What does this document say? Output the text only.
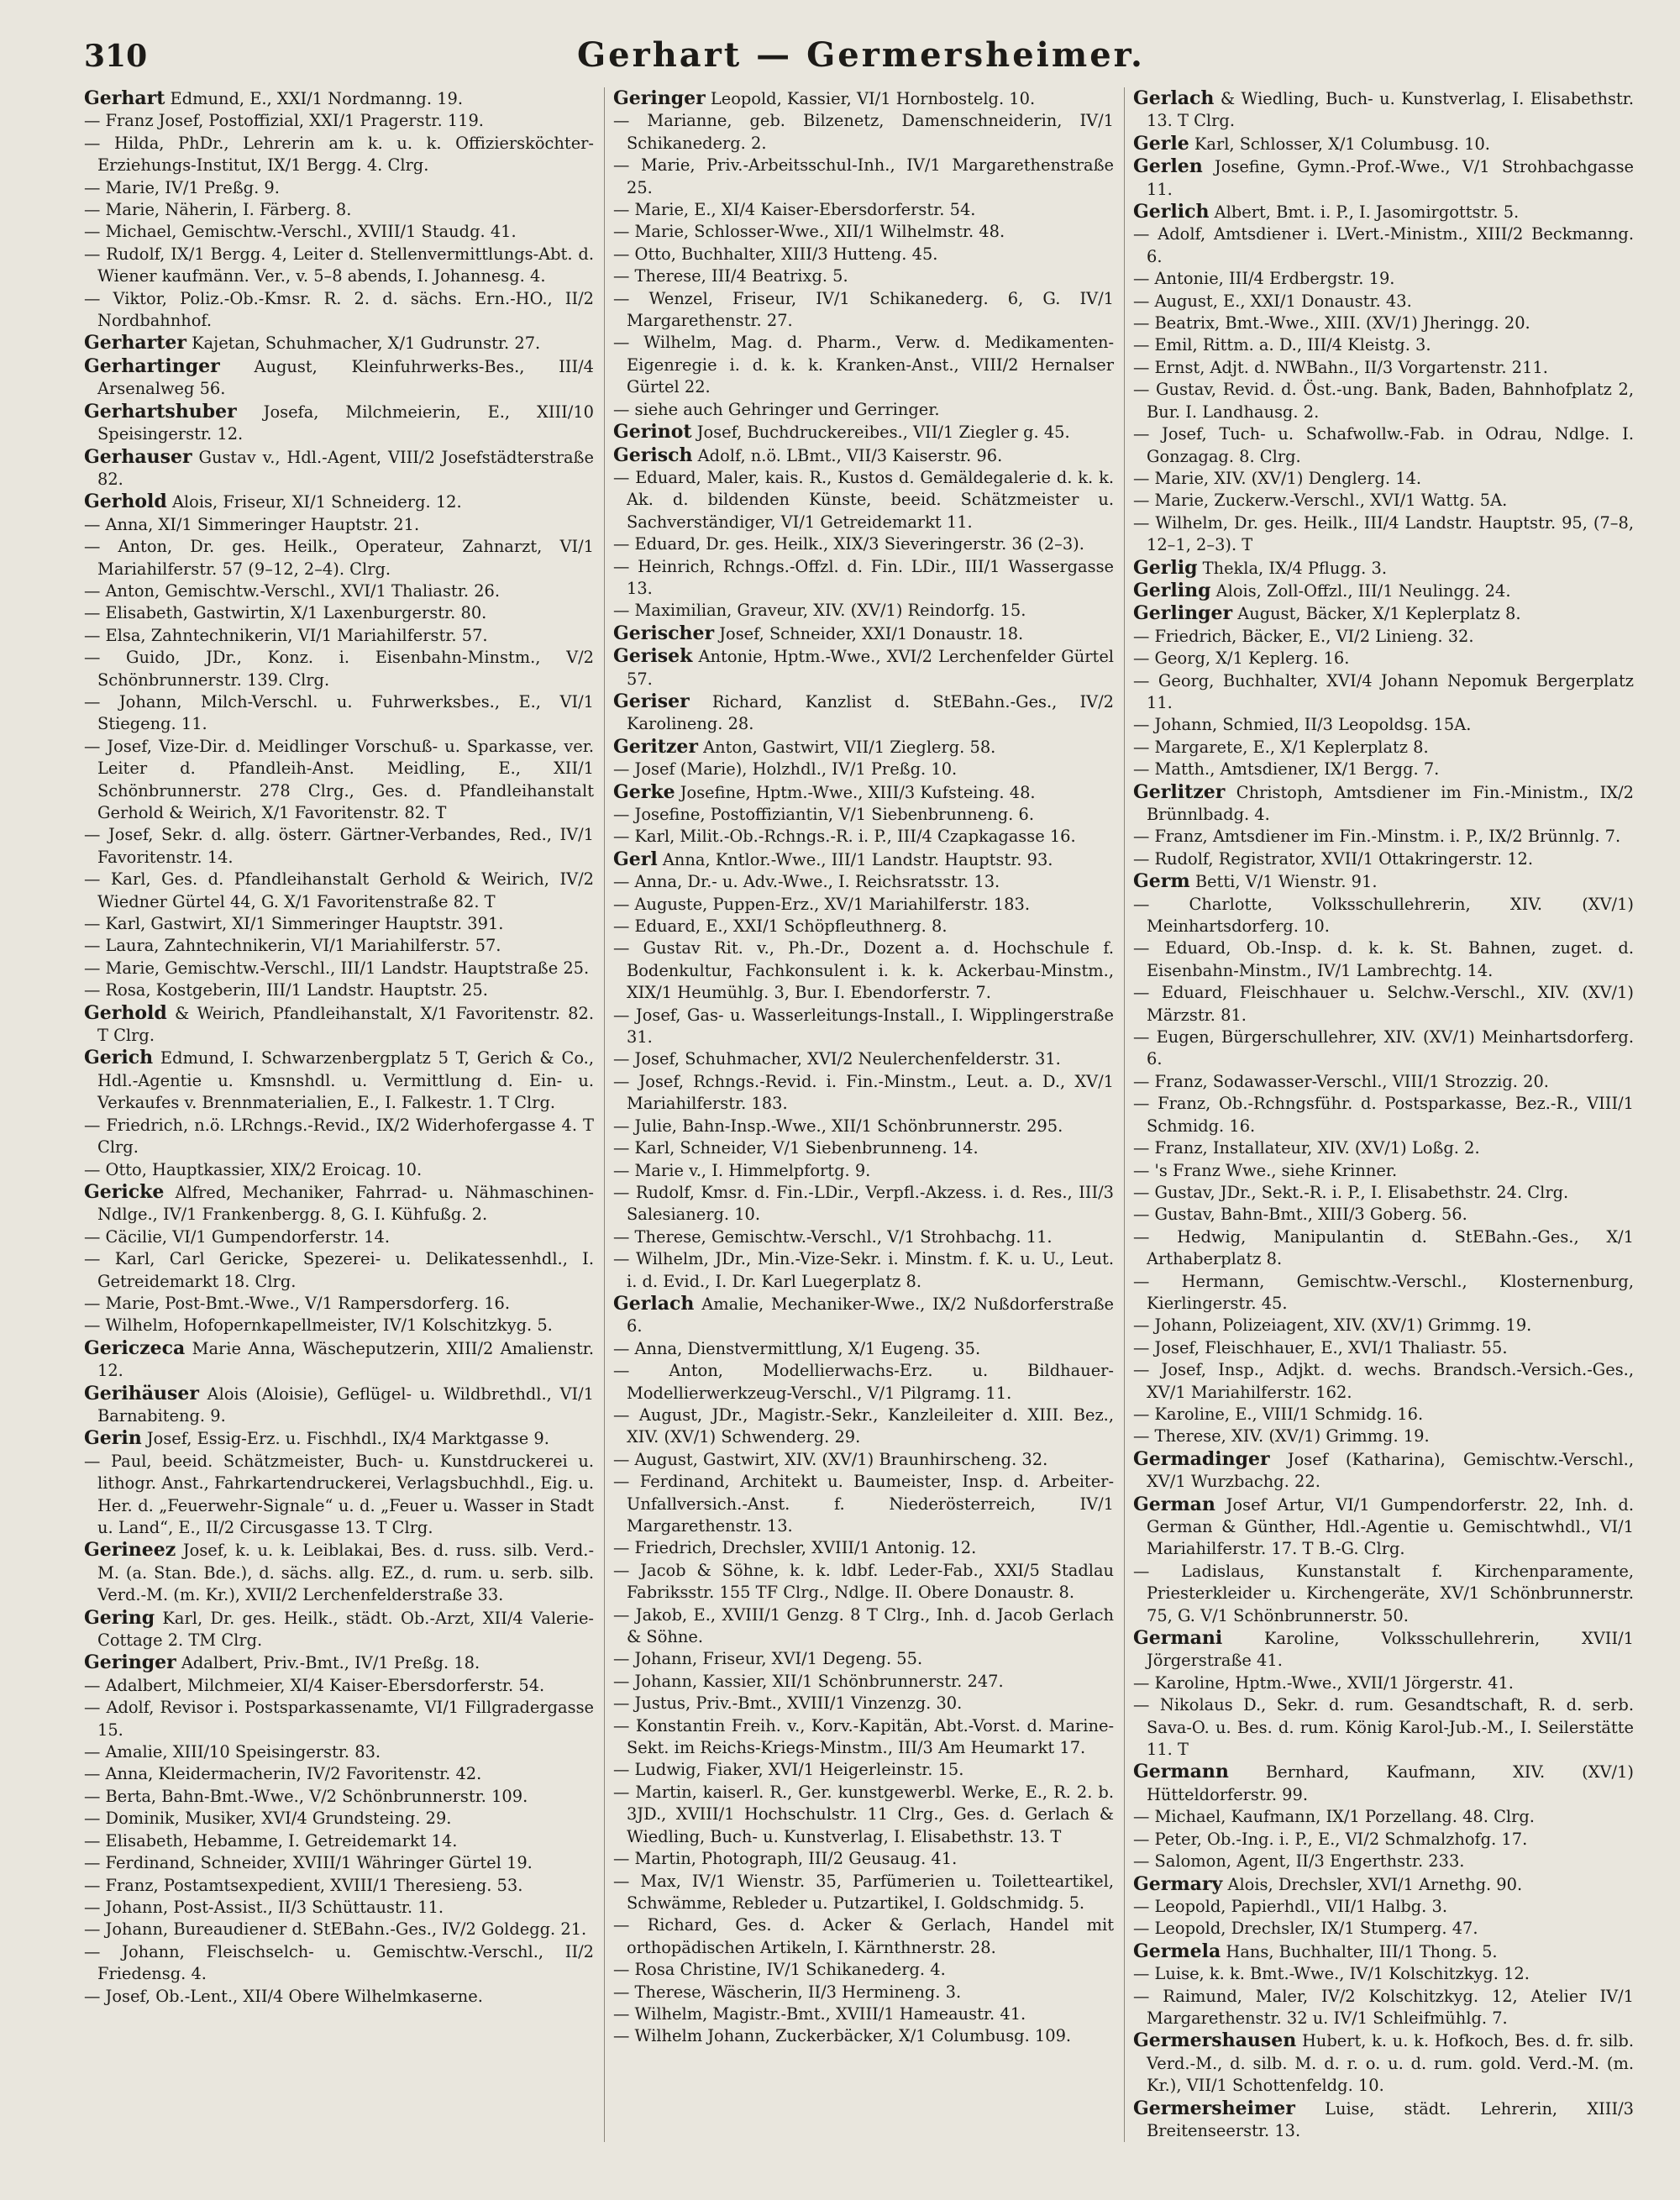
310	Gerhart — Germersheimer.
Gerhart Edmund, E., XXI/1 Nordmanng. 19.
— Franz Josef, Postoffizial, XXI/1 Pragerstr. 119.
— Hilda, PhDr., Lehrerin am k. u. k. Offiziersköchter-Erziehungs-Institut, IX/1 Bergg. 4. Clrg.
— Marie, IV/1 Preßg. 9.
— Marie, Näherin, I. Färberg. 8.
— Michael, Gemischtw.-Verschl., XVIII/1 Staudg. 41.
— Rudolf, IX/1 Bergg. 4, Leiter d. Stellenvermittlungs-Abt. d. Wiener kaufmänn. Ver., v. 5–8 abends, I. Johannesg. 4.
— Viktor, Poliz.-Ob.-Kmsr. R. 2. d. sächs. Ern.-HO., II/2 Nordbahnhof.
Gerharter Kajetan, Schuhmacher, X/1 Gudrunstr. 27.
Gerhartinger August, Kleinfuhrwerks-Bes., III/4 Arsenalweg 56.
Gerhartshuber Josefa, Milchmeierin, E., XIII/10 Speisingerstr. 12.
Gerhauser Gustav v., Hdl.-Agent, VIII/2 Josefstädterstraße 82.
Gerhold Alois, Friseur, XI/1 Schneiderg. 12.
— Anna, XI/1 Simmeringer Hauptstr. 21.
— Anton, Dr. ges. Heilk., Operateur, Zahnarzt, VI/1 Mariahilferstr. 57 (9–12, 2–4). Clrg.
— Anton, Gemischtw.-Verschl., XVI/1 Thaliastr. 26.
— Elisabeth, Gastwirtin, X/1 Laxenburgerstr. 80.
— Elsa, Zahntechnikerin, VI/1 Mariahilferstr. 57.
— Guido, JDr., Konz. i. Eisenbahn-Minstm., V/2 Schönbrunnerstr. 139. Clrg.
— Johann, Milch-Verschl. u. Fuhrwerksbes., E., VI/1 Stiegeng. 11.
— Josef, Vize-Dir. d. Meidlinger Vorschuß- u. Sparkasse, ver. Leiter d. Pfandleih-Anst. Meidling, E., XII/1 Schönbrunnerstr. 278 Clrg., Ges. d. Pfandleihanstalt Gerhold & Weirich, X/1 Favoritenstr. 82. T
— Josef, Sekr. d. allg. österr. Gärtner-Verbandes, Red., IV/1 Favoritenstr. 14.
— Karl, Ges. d. Pfandleihanstalt Gerhold & Weirich, IV/2 Wiedner Gürtel 44, G. X/1 Favoritenstraße 82. T
— Karl, Gastwirt, XI/1 Simmeringer Hauptstr. 391.
— Laura, Zahntechnikerin, VI/1 Mariahilferstr. 57.
— Marie, Gemischtw.-Verschl., III/1 Landstr. Hauptstraße 25.
— Rosa, Kostgeberin, III/1 Landstr. Hauptstr. 25.
Gerhold & Weirich, Pfandleihanstalt, X/1 Favoritenstr. 82. T Clrg.
Gerich Edmund, I. Schwarzenbergplatz 5 T, Gerich & Co., Hdl.-Agentie u. Kmsnshdl. u. Vermittlung d. Ein- u. Verkaufes v. Brennmaterialien, E., I. Falkestr. 1. T Clrg.
— Friedrich, n.ö. LRchngs.-Revid., IX/2 Widerhofergasse 4. T Clrg.
— Otto, Hauptkassier, XIX/2 Eroicag. 10.
Gericke Alfred, Mechaniker, Fahrrad- u. Nähmaschinen-Ndlge., IV/1 Frankenbergg. 8, G. I. Kühfußg. 2.
— Cäcilie, VI/1 Gumpendorferstr. 14.
— Karl, Carl Gericke, Spezerei- u. Delikatessenhdl., I. Getreidemarkt 18. Clrg.
— Marie, Post-Bmt.-Wwe., V/1 Rampersdorferg. 16.
— Wilhelm, Hofopernkapellmeister, IV/1 Kolschitzkyg. 5.
Gericzeca Marie Anna, Wäscheputzerin, XIII/2 Amalienstr. 12.
Gerihäuser Alois (Aloisie), Geflügel- u. Wildbrethdl., VI/1 Barnabiteng. 9.
Gerin Josef, Essig-Erz. u. Fischhdl., IX/4 Marktgasse 9.
— Paul, beeid. Schätzmeister, Buch- u. Kunstdruckerei u. lithogr. Anst., Fahrkartendruckerei, Verlagsbuchhdl., Eig. u. Her. d. „Feuerwehr-Signale“ u. d. „Feuer u. Wasser in Stadt u. Land“, E., II/2 Circusgasse 13. T Clrg.
Gerineez Josef, k. u. k. Leiblakai, Bes. d. russ. silb. Verd.-M. (a. Stan. Bde.), d. sächs. allg. EZ., d. rum. u. serb. silb. Verd.-M. (m. Kr.), XVII/2 Lerchenfelderstraße 33.
Gering Karl, Dr. ges. Heilk., städt. Ob.-Arzt, XII/4 Valerie-Cottage 2. TM Clrg.
Geringer Adalbert, Priv.-Bmt., IV/1 Preßg. 18.
— Adalbert, Milchmeier, XI/4 Kaiser-Ebersdorferstr. 54.
— Adolf, Revisor i. Postsparkassenamte, VI/1 Fillgradergasse 15.
— Amalie, XIII/10 Speisingerstr. 83.
— Anna, Kleidermacherin, IV/2 Favoritenstr. 42.
— Berta, Bahn-Bmt.-Wwe., V/2 Schönbrunnerstr. 109.
— Dominik, Musiker, XVI/4 Grundsteing. 29.
— Elisabeth, Hebamme, I. Getreidemarkt 14.
— Ferdinand, Schneider, XVIII/1 Währinger Gürtel 19.
— Franz, Postamtsexpedient, XVIII/1 Theresieng. 53.
— Johann, Post-Assist., II/3 Schüttaustr. 11.
— Johann, Bureaudiener d. StEBahn.-Ges., IV/2 Goldegg. 21.
— Johann, Fleischselch- u. Gemischtw.-Verschl., II/2 Friedensg. 4.
— Josef, Ob.-Lent., XII/4 Obere Wilhelmkaserne.
Geringer Leopold, Kassier, VI/1 Hornbostelg. 10.
— Marianne, geb. Bilzenetz, Damenschneiderin, IV/1 Schikanederg. 2.
— Marie, Priv.-Arbeitsschul-Inh., IV/1 Margarethenstraße 25.
— Marie, E., XI/4 Kaiser-Ebersdorferstr. 54.
— Marie, Schlosser-Wwe., XII/1 Wilhelmstr. 48.
— Otto, Buchhalter, XIII/3 Hutteng. 45.
— Therese, III/4 Beatrixg. 5.
— Wenzel, Friseur, IV/1 Schikanederg. 6, G. IV/1 Margarethenstr. 27.
— Wilhelm, Mag. d. Pharm., Verw. d. Medikamenten-Eigenregie i. d. k. k. Kranken-Anst., VIII/2 Hernalser Gürtel 22.
— siehe auch Gehringer und Gerringer.
Gerinot Josef, Buchdruckereibes., VII/1 Ziegler g. 45.
Gerisch Adolf, n.ö. LBmt., VII/3 Kaiserstr. 96.
— Eduard, Maler, kais. R., Kustos d. Gemäldegalerie d. k. k. Ak. d. bildenden Künste, beeid. Schätzmeister u. Sachverständiger, VI/1 Getreidemarkt 11.
— Eduard, Dr. ges. Heilk., XIX/3 Sieveringerstr. 36 (2–3).
— Heinrich, Rchngs.-Offzl. d. Fin. LDir., III/1 Wassergasse 13.
— Maximilian, Graveur, XIV. (XV/1) Reindorfg. 15.
Gerischer Josef, Schneider, XXI/1 Donaustr. 18.
Gerisek Antonie, Hptm.-Wwe., XVI/2 Lerchenfelder Gürtel 57.
Geriser Richard, Kanzlist d. StEBahn.-Ges., IV/2 Karolineng. 28.
Geritzer Anton, Gastwirt, VII/1 Zieglerg. 58.
— Josef (Marie), Holzhdl., IV/1 Preßg. 10.
Gerke Josefine, Hptm.-Wwe., XIII/3 Kufsteing. 48.
— Josefine, Postoffiziantin, V/1 Siebenbrunneng. 6.
— Karl, Milit.-Ob.-Rchngs.-R. i. P., III/4 Czapkagasse 16.
Gerl Anna, Kntlor.-Wwe., III/1 Landstr. Hauptstr. 93.
— Anna, Dr.- u. Adv.-Wwe., I. Reichsratsstr. 13.
— Auguste, Puppen-Erz., XV/1 Mariahilferstr. 183.
— Eduard, E., XXI/1 Schöpfleuthnerg. 8.
— Gustav Rit. v., Ph.-Dr., Dozent a. d. Hochschule f. Bodenkultur, Fachkonsulent i. k. k. Ackerbau-Minstm., XIX/1 Heumühlg. 3, Bur. I. Ebendorferstr. 7.
— Josef, Gas- u. Wasserleitungs-Install., I. Wipplingerstraße 31.
— Josef, Schuhmacher, XVI/2 Neulerchenfelderstr. 31.
— Josef, Rchngs.-Revid. i. Fin.-Minstm., Leut. a. D., XV/1 Mariahilferstr. 183.
— Julie, Bahn-Insp.-Wwe., XII/1 Schönbrunnerstr. 295.
— Karl, Schneider, V/1 Siebenbrunneng. 14.
— Marie v., I. Himmelpfortg. 9.
— Rudolf, Kmsr. d. Fin.-LDir., Verpfl.-Akzess. i. d. Res., III/3 Salesianerg. 10.
— Therese, Gemischtw.-Verschl., V/1 Strohbachg. 11.
— Wilhelm, JDr., Min.-Vize-Sekr. i. Minstm. f. K. u. U., Leut. i. d. Evid., I. Dr. Karl Luegerplatz 8.
Gerlach Amalie, Mechaniker-Wwe., IX/2 Nußdorferstraße 6.
— Anna, Dienstvermittlung, X/1 Eugeng. 35.
— Anton, Modellierwachs-Erz. u. Bildhauer-Modellierwerkzeug-Verschl., V/1 Pilgramg. 11.
— August, JDr., Magistr.-Sekr., Kanzleileiter d. XIII. Bez., XIV. (XV/1) Schwenderg. 29.
— August, Gastwirt, XIV. (XV/1) Braunhirscheng. 32.
— Ferdinand, Architekt u. Baumeister, Insp. d. Arbeiter-Unfallversich.-Anst. f. Niederösterreich, IV/1 Margarethenstr. 13.
— Friedrich, Drechsler, XVIII/1 Antonig. 12.
— Jacob & Söhne, k. k. ldbf. Leder-Fab., XXI/5 Stadlau Fabriksstr. 155 TF Clrg., Ndlge. II. Obere Donaustr. 8.
— Jakob, E., XVIII/1 Genzg. 8 T Clrg., Inh. d. Jacob Gerlach & Söhne.
— Johann, Friseur, XVI/1 Degeng. 55.
— Johann, Kassier, XII/1 Schönbrunnerstr. 247.
— Justus, Priv.-Bmt., XVIII/1 Vinzenzg. 30.
— Konstantin Freih. v., Korv.-Kapitän, Abt.-Vorst. d. Marine-Sekt. im Reichs-Kriegs-Minstm., III/3 Am Heumarkt 17.
— Ludwig, Fiaker, XVI/1 Heigerleinstr. 15.
— Martin, kaiserl. R., Ger. kunstgewerbl. Werke, E., R. 2. b. 3JD., XVIII/1 Hochschulstr. 11 Clrg., Ges. d. Gerlach & Wiedling, Buch- u. Kunstverlag, I. Elisabethstr. 13. T
— Martin, Photograph, III/2 Geusaug. 41.
— Max, IV/1 Wienstr. 35, Parfümerien u. Toiletteartikel, Schwämme, Rebleder u. Putzartikel, I. Goldschmidg. 5.
— Richard, Ges. d. Acker & Gerlach, Handel mit orthopädischen Artikeln, I. Kärnthnerstr. 28.
— Rosa Christine, IV/1 Schikanederg. 4.
— Therese, Wäscherin, II/3 Hermineng. 3.
— Wilhelm, Magistr.-Bmt., XVIII/1 Hameaustr. 41.
— Wilhelm Johann, Zuckerbäcker, X/1 Columbusg. 109.
Gerlach & Wiedling, Buch- u. Kunstverlag, I. Elisabethstr. 13. T Clrg.
Gerle Karl, Schlosser, X/1 Columbusg. 10.
Gerlen Josefine, Gymn.-Prof.-Wwe., V/1 Strohbachgasse 11.
Gerlich Albert, Bmt. i. P., I. Jasomirgottstr. 5.
— Adolf, Amtsdiener i. LVert.-Ministm., XIII/2 Beckmanng. 6.
— Antonie, III/4 Erdbergstr. 19.
— August, E., XXI/1 Donaustr. 43.
— Beatrix, Bmt.-Wwe., XIII. (XV/1) Jheringg. 20.
— Emil, Rittm. a. D., III/4 Kleistg. 3.
— Ernst, Adjt. d. NWBahn., II/3 Vorgartenstr. 211.
— Gustav, Revid. d. Öst.-ung. Bank, Baden, Bahnhofplatz 2, Bur. I. Landhausg. 2.
— Josef, Tuch- u. Schafwollw.-Fab. in Odrau, Ndlge. I. Gonzagag. 8. Clrg.
— Marie, XIV. (XV/1) Denglerg. 14.
— Marie, Zuckerw.-Verschl., XVI/1 Wattg. 5A.
— Wilhelm, Dr. ges. Heilk., III/4 Landstr. Hauptstr. 95, (7–8, 12–1, 2–3). T
Gerlig Thekla, IX/4 Pflugg. 3.
Gerling Alois, Zoll-Offzl., III/1 Neulingg. 24.
Gerlinger August, Bäcker, X/1 Keplerplatz 8.
— Friedrich, Bäcker, E., VI/2 Linieng. 32.
— Georg, X/1 Keplerg. 16.
— Georg, Buchhalter, XVI/4 Johann Nepomuk Bergerplatz 11.
— Johann, Schmied, II/3 Leopoldsg. 15A.
— Margarete, E., X/1 Keplerplatz 8.
— Matth., Amtsdiener, IX/1 Bergg. 7.
Gerlitzer Christoph, Amtsdiener im Fin.-Ministm., IX/2 Brünnlbadg. 4.
— Franz, Amtsdiener im Fin.-Minstm. i. P., IX/2 Brünnlg. 7.
— Rudolf, Registrator, XVII/1 Ottakringerstr. 12.
Germ Betti, V/1 Wienstr. 91.
— Charlotte, Volksschullehrerin, XIV. (XV/1) Meinhartsdorferg. 10.
— Eduard, Ob.-Insp. d. k. k. St. Bahnen, zuget. d. Eisenbahn-Minstm., IV/1 Lambrechtg. 14.
— Eduard, Fleischhauer u. Selchw.-Verschl., XIV. (XV/1) Märzstr. 81.
— Eugen, Bürgerschullehrer, XIV. (XV/1) Meinhartsdorferg. 6.
— Franz, Sodawasser-Verschl., VIII/1 Strozzig. 20.
— Franz, Ob.-Rchngsführ. d. Postsparkasse, Bez.-R., VIII/1 Schmidg. 16.
— Franz, Installateur, XIV. (XV/1) Loßg. 2.
— 's Franz Wwe., siehe Krinner.
— Gustav, JDr., Sekt.-R. i. P., I. Elisabethstr. 24. Clrg.
— Gustav, Bahn-Bmt., XIII/3 Goberg. 56.
— Hedwig, Manipulantin d. StEBahn.-Ges., X/1 Arthaberplatz 8.
— Hermann, Gemischtw.-Verschl., Klosternenburg, Kierlingerstr. 45.
— Johann, Polizeiagent, XIV. (XV/1) Grimmg. 19.
— Josef, Fleischhauer, E., XVI/1 Thaliastr. 55.
— Josef, Insp., Adjkt. d. wechs. Brandsch.-Versich.-Ges., XV/1 Mariahilferstr. 162.
— Karoline, E., VIII/1 Schmidg. 16.
— Therese, XIV. (XV/1) Grimmg. 19.
Germadinger Josef (Katharina), Gemischtw.-Verschl., XV/1 Wurzbachg. 22.
German Josef Artur, VI/1 Gumpendorferstr. 22, Inh. d. German & Günther, Hdl.-Agentie u. Gemischtwhdl., VI/1 Mariahilferstr. 17. T B.-G. Clrg.
— Ladislaus, Kunstanstalt f. Kirchenparamente, Priesterkleider u. Kirchengeräte, XV/1 Schönbrunnerstr. 75, G. V/1 Schönbrunnerstr. 50.
Germani Karoline, Volksschullehrerin, XVII/1 Jörgerstraße 41.
— Karoline, Hptm.-Wwe., XVII/1 Jörgerstr. 41.
— Nikolaus D., Sekr. d. rum. Gesandtschaft, R. d. serb. Sava-O. u. Bes. d. rum. König Karol-Jub.-M., I. Seilerstätte 11. T
Germann Bernhard, Kaufmann, XIV. (XV/1) Hütteldorferstr. 99.
— Michael, Kaufmann, IX/1 Porzellang. 48. Clrg.
— Peter, Ob.-Ing. i. P., E., VI/2 Schmalzhofg. 17.
— Salomon, Agent, II/3 Engerthstr. 233.
Germary Alois, Drechsler, XVI/1 Arnethg. 90.
— Leopold, Papierhdl., VII/1 Halbg. 3.
— Leopold, Drechsler, IX/1 Stumperg. 47.
Germela Hans, Buchhalter, III/1 Thong. 5.
— Luise, k. k. Bmt.-Wwe., IV/1 Kolschitzkyg. 12.
— Raimund, Maler, IV/2 Kolschitzkyg. 12, Atelier IV/1 Margarethenstr. 32 u. IV/1 Schleifmühlg. 7.
Germershausen Hubert, k. u. k. Hofkoch, Bes. d. fr. silb. Verd.-M., d. silb. M. d. r. o. u. d. rum. gold. Verd.-M. (m. Kr.), VII/1 Schottenfeldg. 10.
Germersheimer Luise, städt. Lehrerin, XIII/3 Breitenseerstr. 13.
